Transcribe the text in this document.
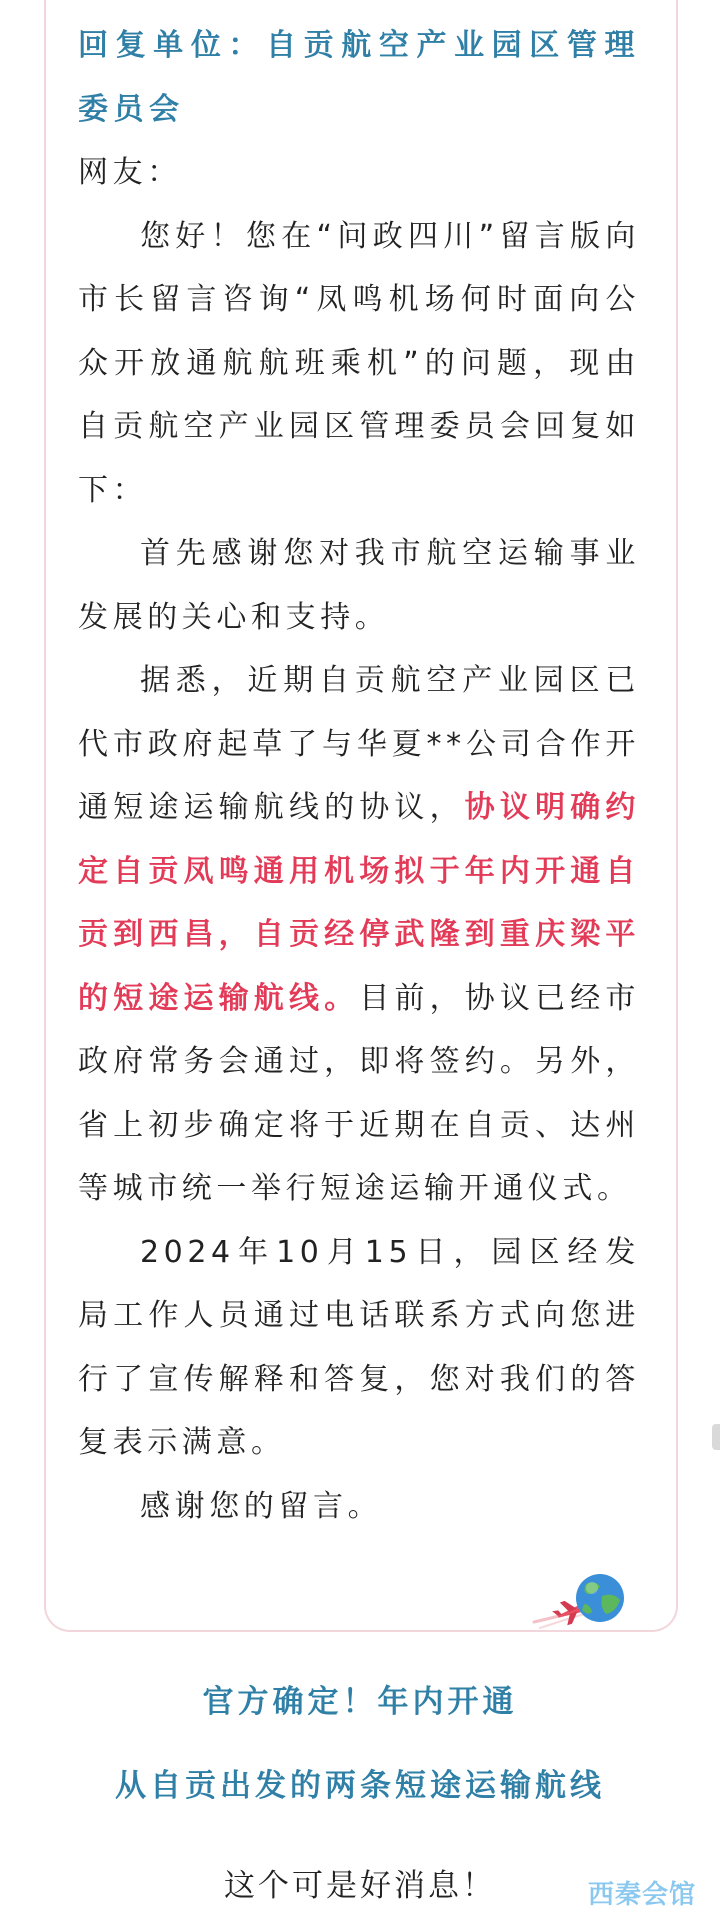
回复单位：自贡航空产业园区管理委员会

网友：

您好！您在“问政四川”留言版向市长留言咨询“凤鸣机场何时面向公众开放通航航班乘机”的问题，现由自贡航空产业园区管理委员会回复如下：

首先感谢您对我市航空运输事业发展的关心和支持。

据悉，近期自贡航空产业园区已代市政府起草了与华夏**公司合作开通短途运输航线的协议，协议明确约定自贡凤鸣通用机场拟于年内开通自贡到西昌，自贡经停武隆到重庆梁平的短途运输航线。目前，协议已经市政府常务会通过，即将签约。另外，省上初步确定将于近期在自贡、达州等城市统一举行短途运输开通仪式。

2024年10月15日，园区经发局工作人员通过电话联系方式向您进行了宣传解释和答复，您对我们的答复表示满意。

感谢您的留言。

官方确定！年内开通
从自贡出发的两条短途运输航线
这个可是好消息！	西秦会馆
